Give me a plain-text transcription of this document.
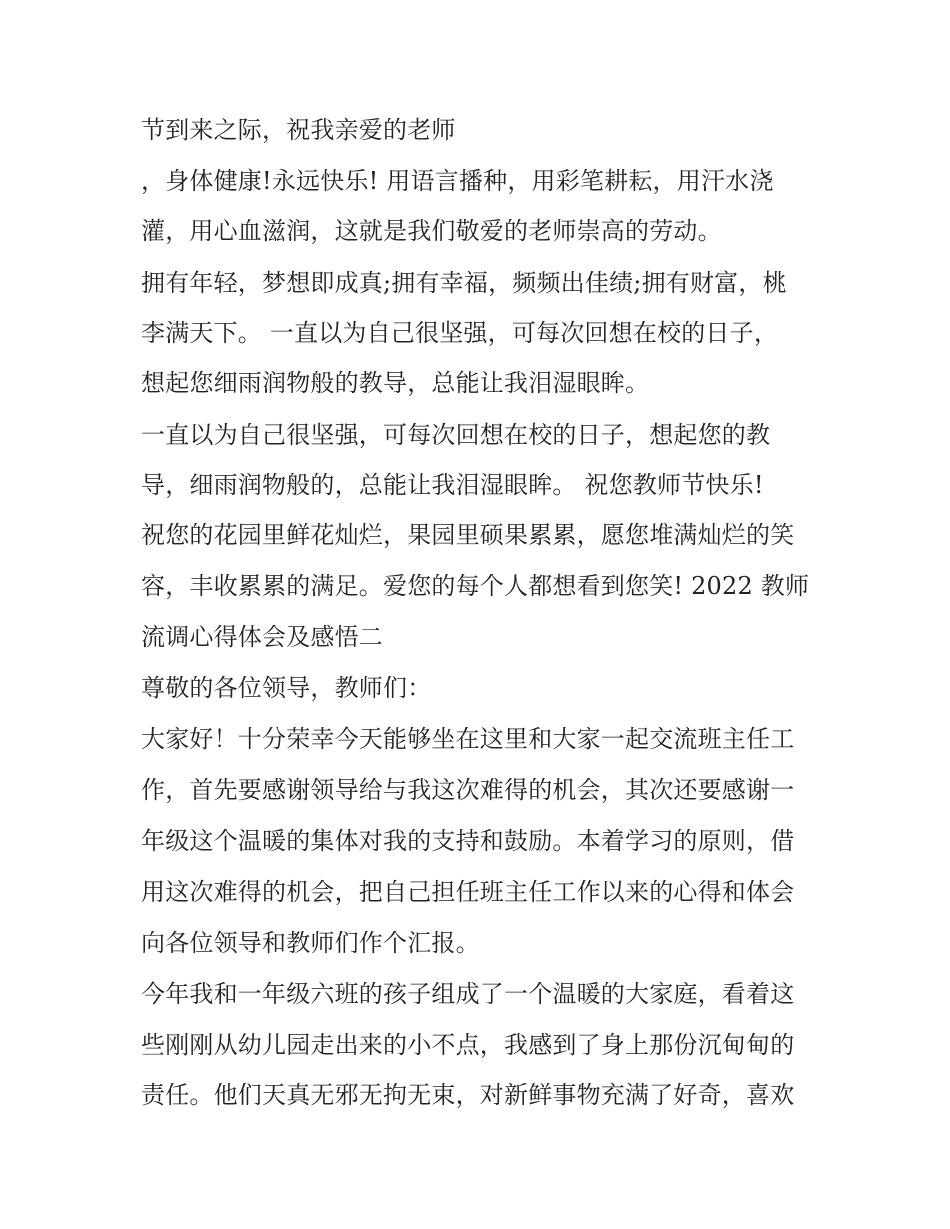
节到来之际，祝我亲爱的老师
，身体健康!永远快乐! 用语言播种，用彩笔耕耘，用汗水浇
灌，用心血滋润，这就是我们敬爱的老师崇高的劳动。
拥有年轻，梦想即成真;拥有幸福，频频出佳绩;拥有财富，桃
李满天下。 一直以为自己很坚强，可每次回想在校的日子，
想起您细雨润物般的教导，总能让我泪湿眼眸。
一直以为自己很坚强，可每次回想在校的日子，想起您的教
导，细雨润物般的，总能让我泪湿眼眸。 祝您教师节快乐!
祝您的花园里鲜花灿烂，果园里硕果累累，愿您堆满灿烂的笑
容，丰收累累的满足。爱您的每个人都想看到您笑! 2022 教师
流调心得体会及感悟二
尊敬的各位领导，教师们：
大家好！十分荣幸今天能够坐在这里和大家一起交流班主任工
作，首先要感谢领导给与我这次难得的机会，其次还要感谢一
年级这个温暖的集体对我的支持和鼓励。本着学习的原则，借
用这次难得的机会，把自己担任班主任工作以来的心得和体会
向各位领导和教师们作个汇报。
今年我和一年级六班的孩子组成了一个温暖的大家庭，看着这
些刚刚从幼儿园走出来的小不点，我感到了身上那份沉甸甸的
责任。他们天真无邪无拘无束，对新鲜事物充满了好奇，喜欢
